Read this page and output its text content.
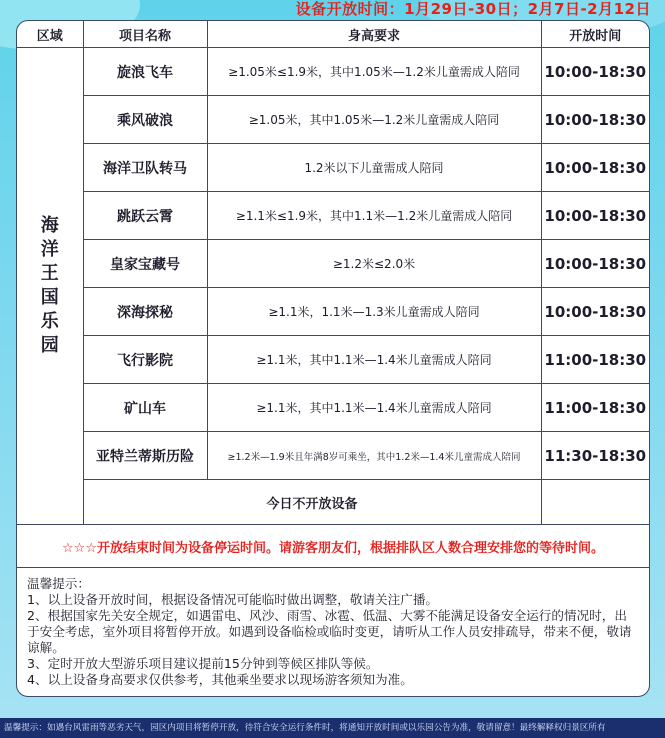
设备开放时间：1月29日-30日；2月7日-2月12日
区域	项目名称	身高要求	开放时间

海洋王国乐园	旋浪飞车	≥1.05米≤1.9米，其中1.05米—1.2米儿童需成人陪同	10:00-18:30
	乘风破浪	≥1.05米，其中1.05米—1.2米儿童需成人陪同	10:00-18:30
	海洋卫队转马	1.2米以下儿童需成人陪同	10:00-18:30
	跳跃云霄	≥1.1米≤1.9米，其中1.1米—1.2米儿童需成人陪同	10:00-18:30
	皇家宝藏号	≥1.2米≤2.0米	10:00-18:30
	深海探秘	≥1.1米，1.1米—1.3米儿童需成人陪同	10:00-18:30
	飞行影院	≥1.1米，其中1.1米—1.4米儿童需成人陪同	11:00-18:30
	矿山车	≥1.1米，其中1.1米—1.4米儿童需成人陪同	11:00-18:30
	亚特兰蒂斯历险	≥1.2米—1.9米且年满8岁可乘坐，其中1.2米—1.4米儿童需成人陪同	11:30-18:30
	今日不开放设备		
☆☆☆开放结束时间为设备停运时间。请游客朋友们，根据排队区人数合理安排您的等待时间。

温馨提示：

1、以上设备开放时间，根据设备情况可能临时做出调整，敬请关注广播。

2、根据国家先关安全规定，如遇雷电、风沙、雨雪、冰雹、低温、大雾不能满足设备安全运行的情况时，出于安全考虑，室外项目将暂停开放。如遇到设备临检或临时变更，请听从工作人员安排疏导，带来不便，敬请谅解。

3、定时开放大型游乐项目建议提前15分钟到等候区排队等候。

4、以上设备身高要求仅供参考，其他乘坐要求以现场游客须知为准。

温馨提示：如遇台风雷雨等恶劣天气，园区内项目将暂停开放，待符合安全运行条件时，将通知开放时间或以乐园公告为准，敬请留意！最终解释权归景区所有
